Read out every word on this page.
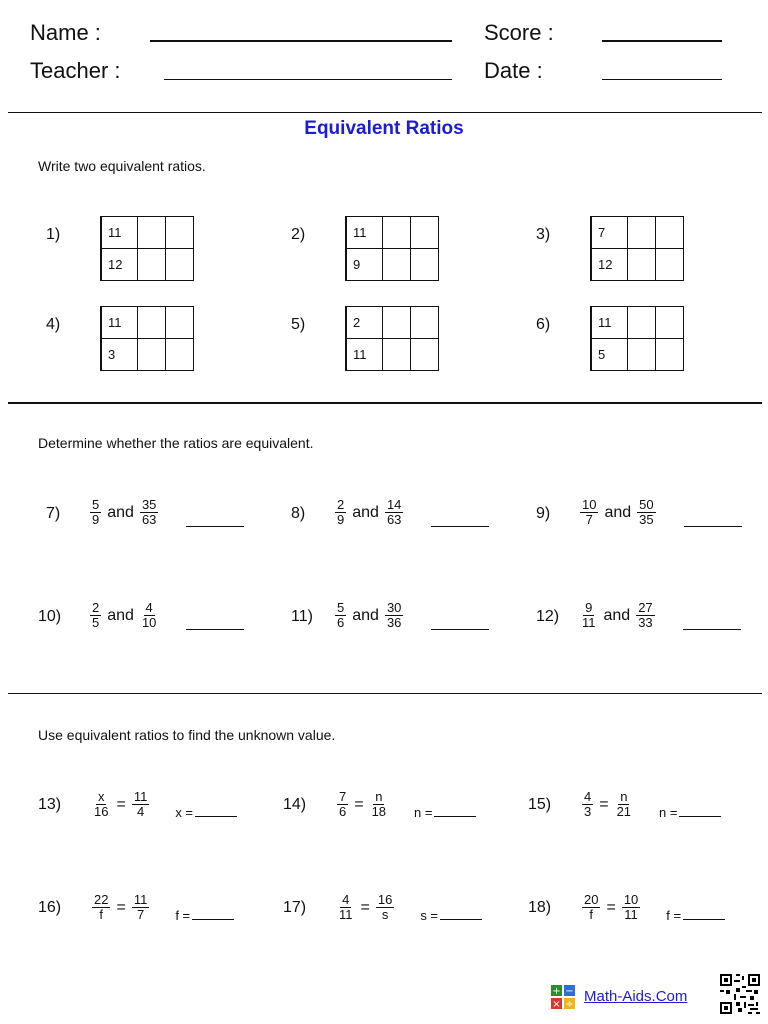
Name :
Teacher :
Score :
Date :
Equivalent Ratios
Write two equivalent ratios.
1)	11		
12		
2)	11		
9		
3)	7		
12		
4)	11		
3		
5)	2		
11		
6)	11		
5		
Determine whether the ratios are equivalent.
$7) \frac{5}{9}$ and $\frac{35}{63}$	$8) \frac{2}{9}$ and $\frac{14}{63}$	$9) \frac{10}{7}$ and $\frac{50}{35}$
$10) \frac{2}{5}$ and $\frac{4}{10}$	$11) \frac{5}{6}$ and $\frac{30}{36}$	$12) \frac{9}{11}$ and $\frac{27}{33}$
Use equivalent ratios to find the unknown value.
$13) \frac{x}{16} = \frac{11}{4} _{x =}$	$14) \frac{7}{6} = \frac{n}{18} _{n =}$	$15) \frac{4}{3} = \frac{n}{21} _{n =}$
$16) \frac{22}{f} = \frac{11}{7} _{f =}$	$17) \frac{4}{11} = \frac{16}{s} _{s =}$	$18) \frac{20}{f} = \frac{10}{11} _{f =}$
+ −
× ÷ Math-Aids.Com
